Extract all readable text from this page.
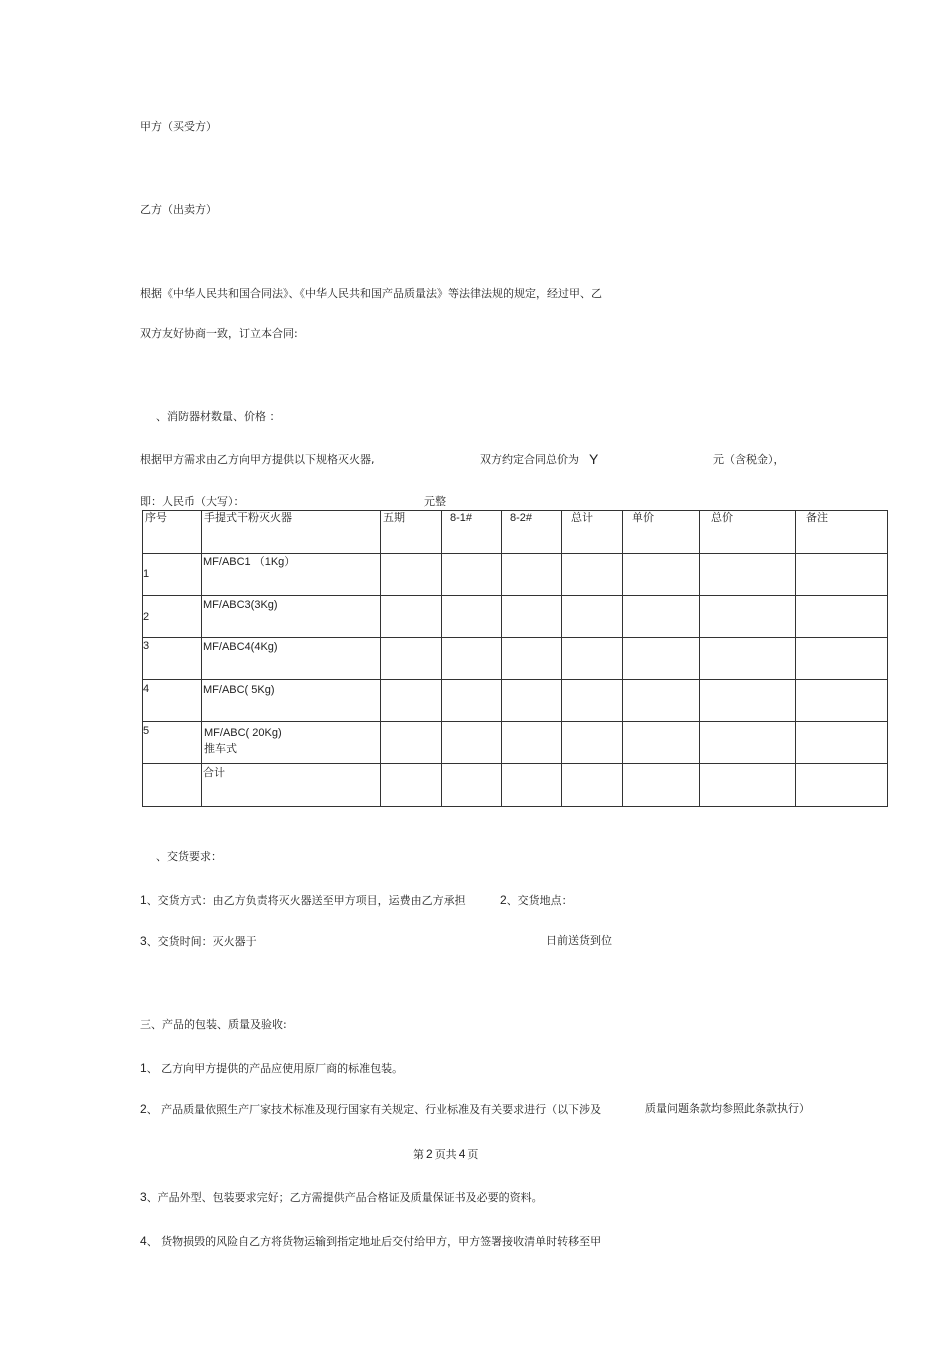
甲方（买受方）
乙方（出卖方）
根据《中华人民共和国合同法》、《中华人民共和国产品质量法》等法律法规的规定，经过甲、乙
双方友好协商一致，订立本合同:
、消防器材数量、价格 ：
根据甲方需求由乙方向甲方提供以下规格灭火器,	双方约定合同总价为 Y	元（含税金），
即：人民币（大写）：	元整
序号	手提式干粉灭火器	五期	8-1#	8-2#	总计	单价	总价	备注

1	MF/ABC1 （1Kg）							

2	MF/ABC3(3Kg)							

3	MF/ABC4(4Kg)							

4	MF/ABC( 5Kg)							

5	MF/ABC( 20Kg)
推车式							

	合计							

、交货要求：
1、交货方式：由乙方负责将灭火器送至甲方项目，运费由乙方承担	2、交货地点：
3、交货时间：灭火器于	日前送货到位
三、产品的包装、质量及验收:
1、 乙方向甲方提供的产品应使用原厂商的标准包装。
2、 产品质量依照生产厂家技术标准及现行国家有关规定、行业标准及有关要求进行（以下涉及	质量问题条款均参照此条款执行）
第 2 页共 4 页
3、产品外型、包装要求完好；乙方需提供产品合格证及质量保证书及必要的资料。
4、 货物损毁的风险自乙方将货物运输到指定地址后交付给甲方，甲方签署接收清单时转移至甲
